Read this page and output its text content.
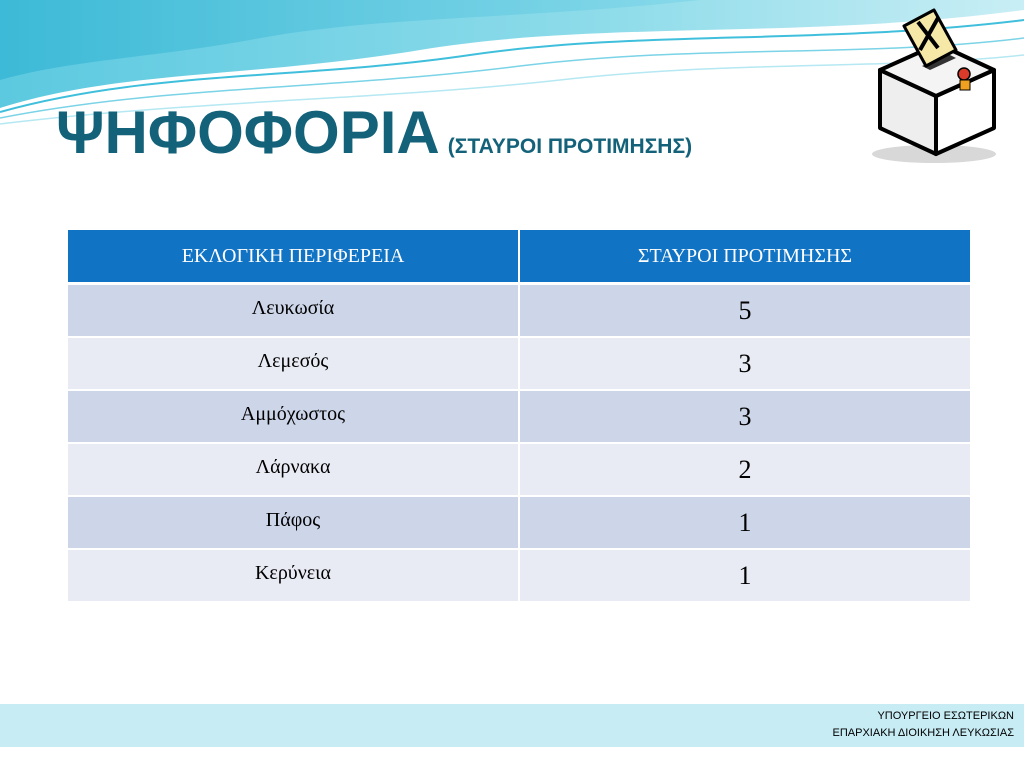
ΨΗΦΟΦΟΡΙΑ (ΣΤΑΥΡΟΙ ΠΡΟΤΙΜΗΣΗΣ)
ΕΚΛΟΓΙΚΗ ΠΕΡΙΦΕΡΕΙΑ	ΣΤΑΥΡΟΙ ΠΡΟΤΙΜΗΣΗΣ
Λευκωσία	5
Λεμεσός	3
Αμμόχωστος	3
Λάρνακα	2
Πάφος	1
Κερύνεια	1
ΥΠΟΥΡΓΕΙΟ ΕΣΩΤΕΡΙΚΩΝ
ΕΠΑΡΧΙΑΚΗ ΔΙΟΙΚΗΣΗ ΛΕΥΚΩΣΙΑΣ
